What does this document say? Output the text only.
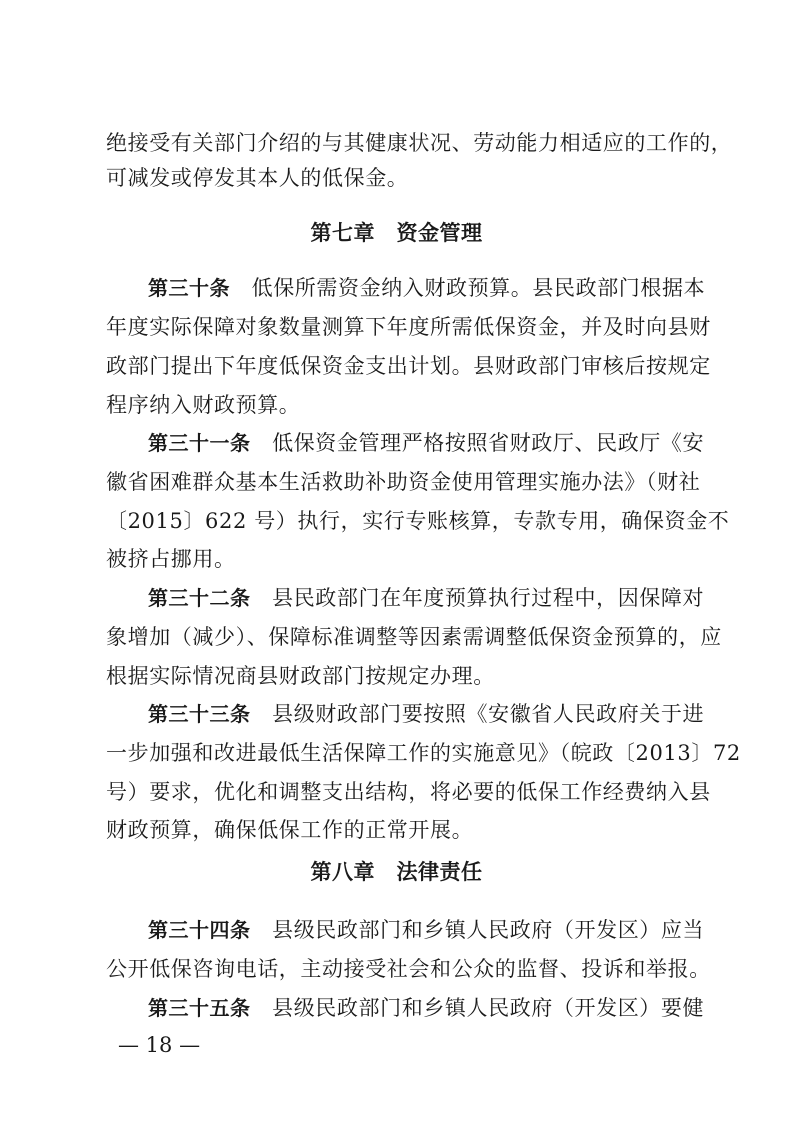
绝接受有关部门介绍的与其健康状况、劳动能力相适应的工作的，
可减发或停发其本人的低保金。
第七章　资金管理
第三十条　 低保所需资金纳入财政预算。县民政部门根据本
年度实际保障对象数量测算下年度所需低保资金，并及时向县财
政部门提出下年度低保资金支出计划。县财政部门审核后按规定
程序纳入财政预算。
第三十一条　 低保资金管理严格按照省财政厅、民政厅《安
徽省困难群众基本生活救助补助资金使用管理实施办法》（财社
〔2015〕622 号）执行，实行专账核算，专款专用，确保资金不
被挤占挪用。
第三十二条　 县民政部门在年度预算执行过程中，因保障对
象增加（减少）、保障标准调整等因素需调整低保资金预算的，应
根据实际情况商县财政部门按规定办理。
第三十三条　 县级财政部门要按照《安徽省人民政府关于进
一步加强和改进最低生活保障工作的实施意见》（皖政〔2013〕72
号）要求，优化和调整支出结构，将必要的低保工作经费纳入县
财政预算，确保低保工作的正常开展。
第八章　法律责任
第三十四条　 县级民政部门和乡镇人民政府（开发区）应当
公开低保咨询电话，主动接受社会和公众的监督、投诉和举报。
第三十五条　 县级民政部门和乡镇人民政府（开发区）要健
— 18 —
